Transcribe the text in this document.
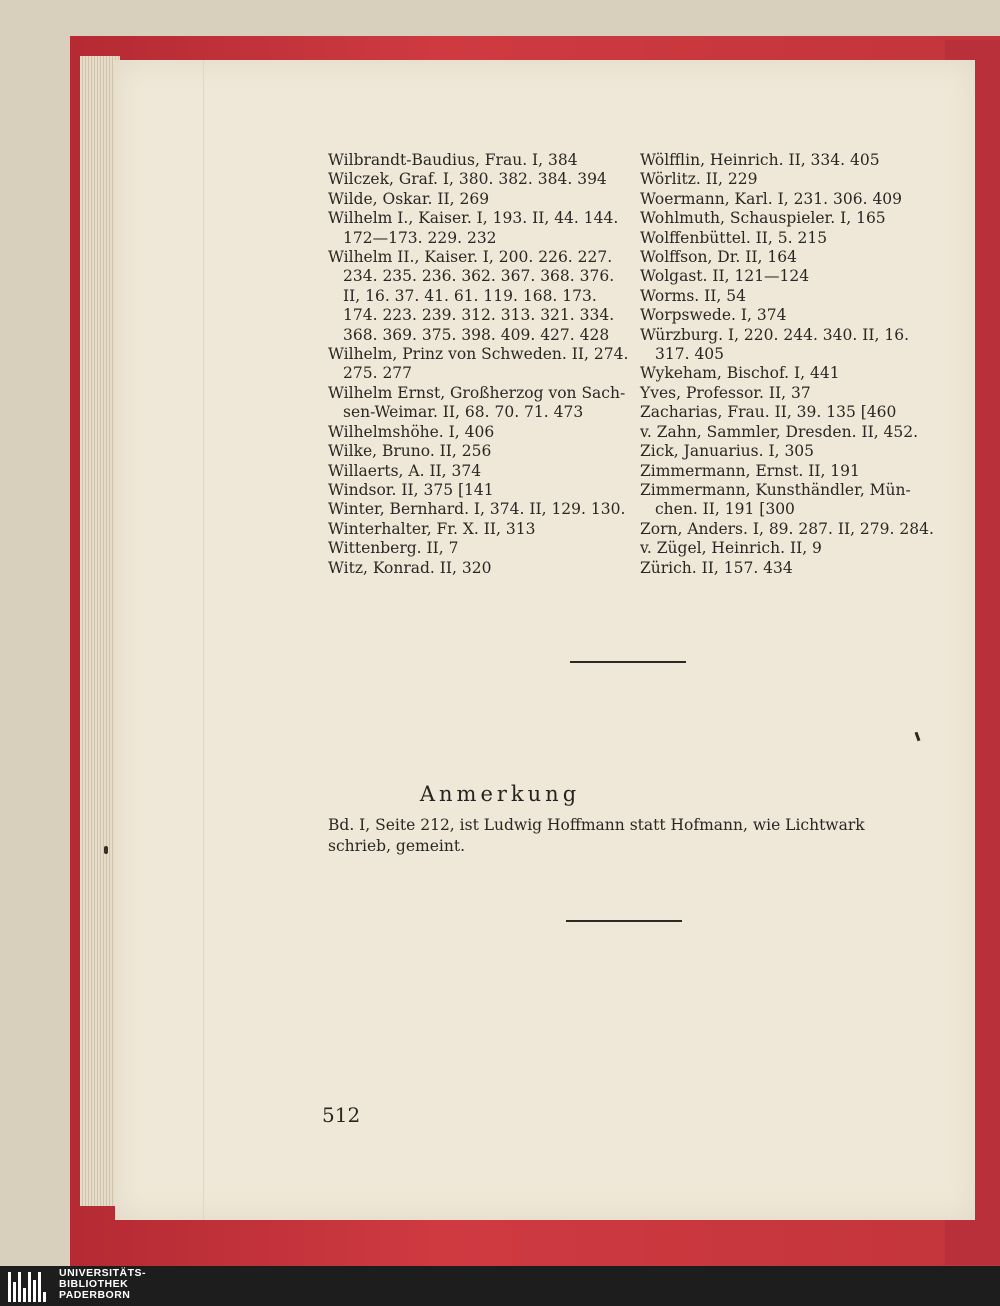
Wilbrandt-Baudius, Frau. I, 384
Wilczek, Graf. I, 380. 382. 384. 394
Wilde, Oskar. II, 269
Wilhelm I., Kaiser. I, 193. II, 44. 144.
172—173. 229. 232
Wilhelm II., Kaiser. I, 200. 226. 227.
234. 235. 236. 362. 367. 368. 376.
II, 16. 37. 41. 61. 119. 168. 173.
174. 223. 239. 312. 313. 321. 334.
368. 369. 375. 398. 409. 427. 428
Wilhelm, Prinz von Schweden. II, 274.
275. 277
Wilhelm Ernst, Großherzog von Sach-
sen-Weimar. II, 68. 70. 71. 473
Wilhelmshöhe. I, 406
Wilke, Bruno. II, 256
Willaerts, A. II, 374
Windsor. II, 375 [141
Winter, Bernhard. I, 374. II, 129. 130.
Winterhalter, Fr. X. II, 313
Wittenberg. II, 7
Witz, Konrad. II, 320
Wölfflin, Heinrich. II, 334. 405
Wörlitz. II, 229
Woermann, Karl. I, 231. 306. 409
Wohlmuth, Schauspieler. I, 165
Wolffenbüttel. II, 5. 215
Wolffson, Dr. II, 164
Wolgast. II, 121—124
Worms. II, 54
Worpswede. I, 374
Würzburg. I, 220. 244. 340. II, 16.
317. 405
Wykeham, Bischof. I, 441
Yves, Professor. II, 37
Zacharias, Frau. II, 39. 135 [460
v. Zahn, Sammler, Dresden. II, 452.
Zick, Januarius. I, 305
Zimmermann, Ernst. II, 191
Zimmermann, Kunsthändler, Mün-
chen. II, 191 [300
Zorn, Anders. I, 89. 287. II, 279. 284.
v. Zügel, Heinrich. II, 9
Zürich. II, 157. 434
Anmerkung
Bd. I, Seite 212, ist Ludwig Hoffmann statt Hofmann, wie Lichtwark schrieb, gemeint.
512
UNIVERSITÄTS-
BIBLIOTHEK
PADERBORN
